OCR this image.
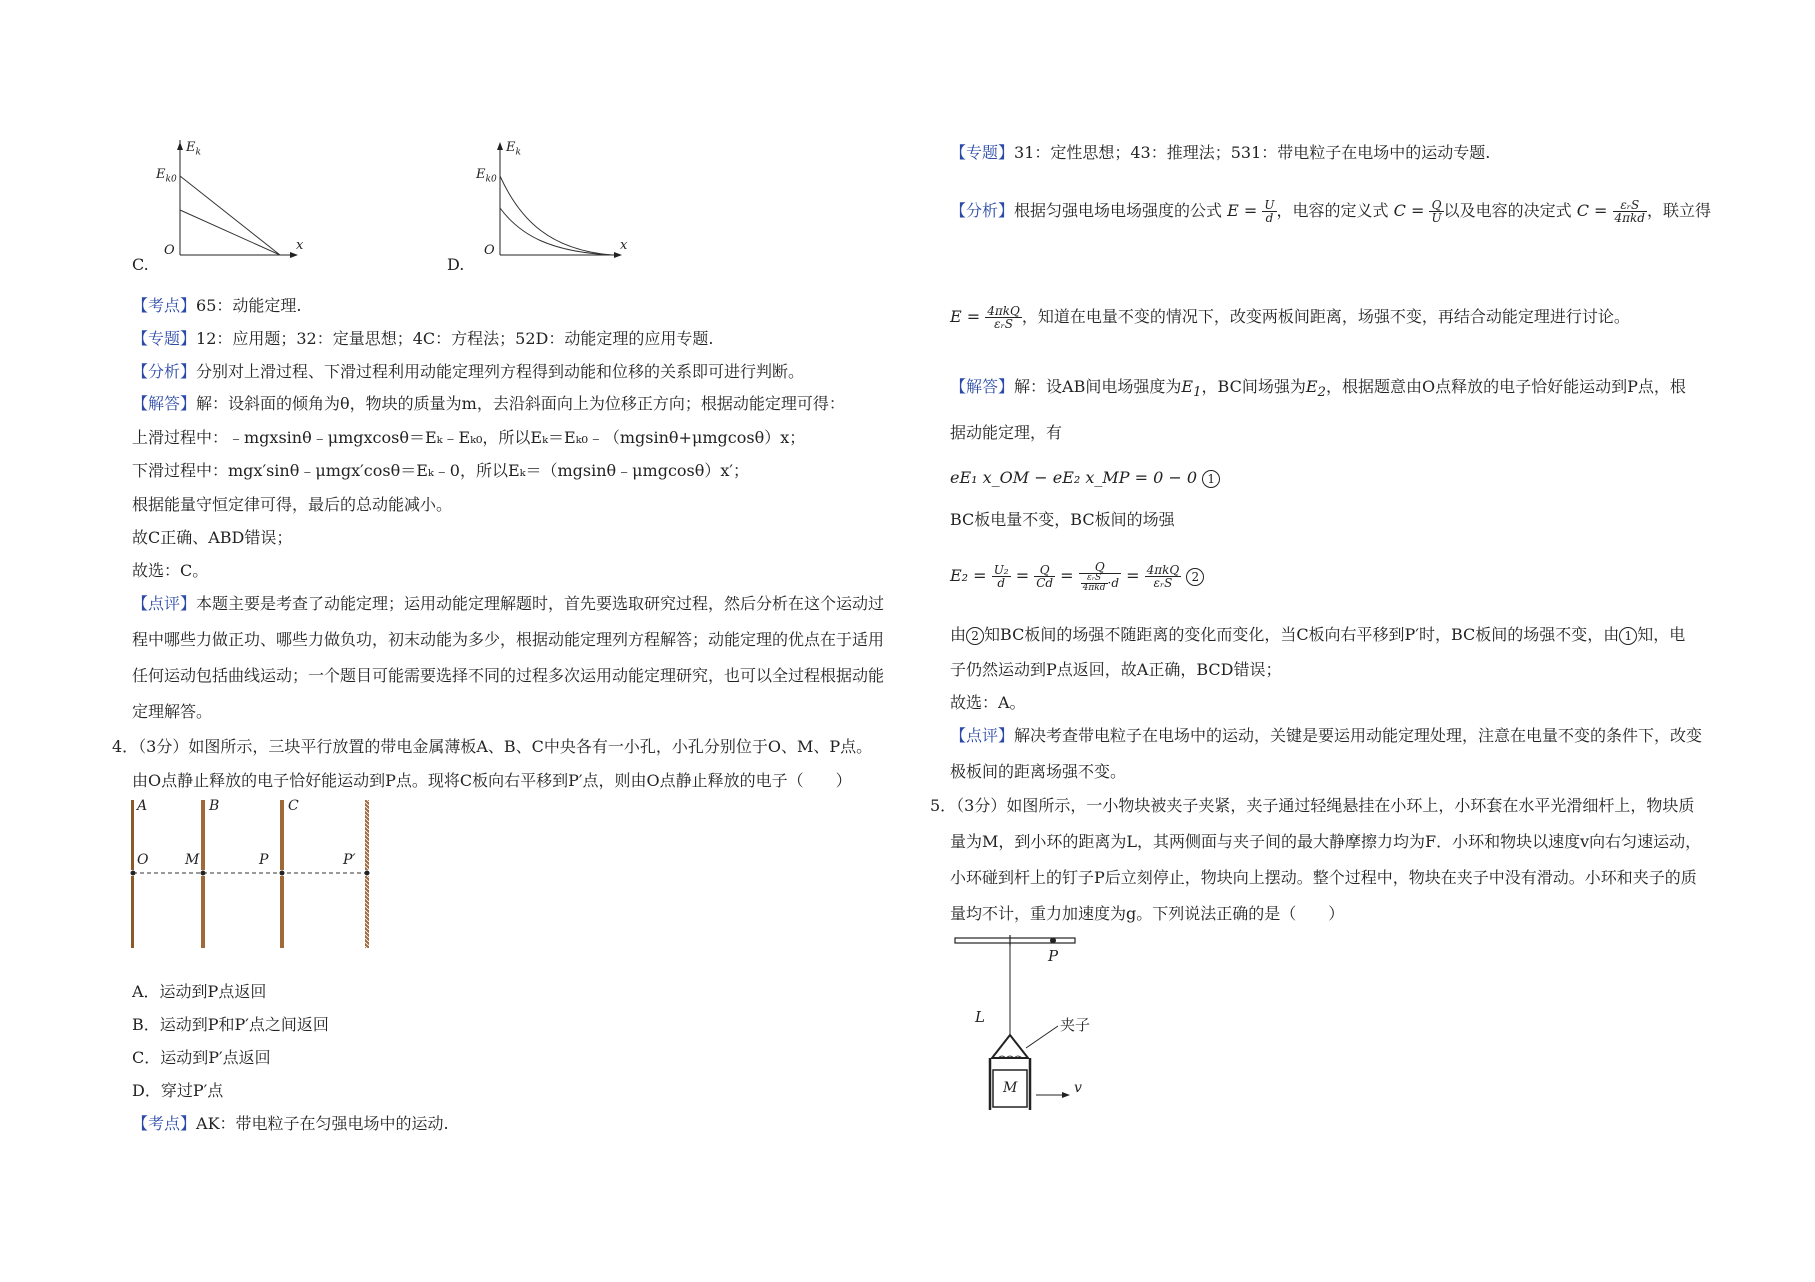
$E_k$
$E_{k0}$
O	x
C.
$E_k$
$E_{k0}$
O	x
D.
【考点】65：动能定理.
【专题】12：应用题；32：定量思想；4C：方程法；52D：动能定理的应用专题.
【分析】分别对上滑过程、下滑过程利用动能定理列方程得到动能和位移的关系即可进行判断。
【解答】解：设斜面的倾角为θ，物块的质量为m，去沿斜面向上为位移正方向；根据动能定理可得：
上滑过程中：﹣mgxsinθ﹣μmgxcosθ＝Eₖ﹣Eₖ₀，所以Eₖ＝Eₖ₀﹣（mgsinθ+μmgcosθ）x；
下滑过程中：mgx′sinθ﹣μmgx′cosθ＝Eₖ﹣0，所以Eₖ＝（mgsinθ﹣μmgcosθ）x′；
根据能量守恒定律可得，最后的总动能减小。
故C正确、ABD错误；
故选：C。
【点评】本题主要是考查了动能定理；运用动能定理解题时，首先要选取研究过程，然后分析在这个运动过
程中哪些力做正功、哪些力做负功，初末动能为多少，根据动能定理列方程解答；动能定理的优点在于适用
任何运动包括曲线运动；一个题目可能需要选择不同的过程多次运用动能定理研究，也可以全过程根据动能
定理解答。
4．（3分）如图所示，三块平行放置的带电金属薄板A、B、C中央各有一小孔，小孔分别位于O、M、P点。
由O点静止释放的电子恰好能运动到P点。现将C板向右平移到P′点，则由O点静止释放的电子（　　）
A	B	C
O	M	P	P′
A．运动到P点返回
B．运动到P和P′点之间返回
C．运动到P′点返回
D．穿过P′点
【考点】AK：带电粒子在匀强电场中的运动.
【专题】31：定性思想；43：推理法；531：带电粒子在电场中的运动专题.
【分析】根据匀强电场电场强度的公式 $E = \frac{U}{d}$ ，电容的定义式 $C = \frac{Q}{U}$ 以及电容的决定式 $C = \frac{\text{εᵣS}}{\text{4πkd}}$ ，联立得
$E = \frac{\text{4πkQ}}{\text{εᵣS}}$ ，知道在电量不变的情况下，改变两板间距离，场强不变，再结合动能定理进行讨论。
【解答】解：设AB间电场强度为$E_1$，BC间场强为$E_2$，根据题意由O点释放的电子恰好能运动到P点，根
据动能定理，有
eE₁ x_OM − eE₂ x_MP = 0 − 0 1
BC板电量不变，BC板间的场强
$E_2 = \frac{\text{U₂}}{d} = \frac{Q}{Cd} = \frac{Q}{\frac{\text{εᵣS}}{\text{4πkd}} \cdot d} = \frac{\text{4πkQ}}{\text{εᵣS}} 2$
由 2 知BC板间的场强不随距离的变化而变化，当C板向右平移到P′时，BC板间的场强不变，由 1 知，电
子仍然运动到P点返回，故A正确，BCD错误；
故选：A。
【点评】解决考查带电粒子在电场中的运动，关键是要运用动能定理处理，注意在电量不变的条件下，改变
极板间的距离场强不变。
5．（3分）如图所示，一小物块被夹子夹紧，夹子通过轻绳悬挂在小环上，小环套在水平光滑细杆上，物块质
量为M，到小环的距离为L，其两侧面与夹子间的最大静摩擦力均为F．小环和物块以速度v向右匀速运动，
小环碰到杆上的钉子P后立刻停止，物块向上摆动。整个过程中，物块在夹子中没有滑动。小环和夹子的质
量均不计，重力加速度为g。下列说法正确的是（　　）
P
L	夹子
M	v
